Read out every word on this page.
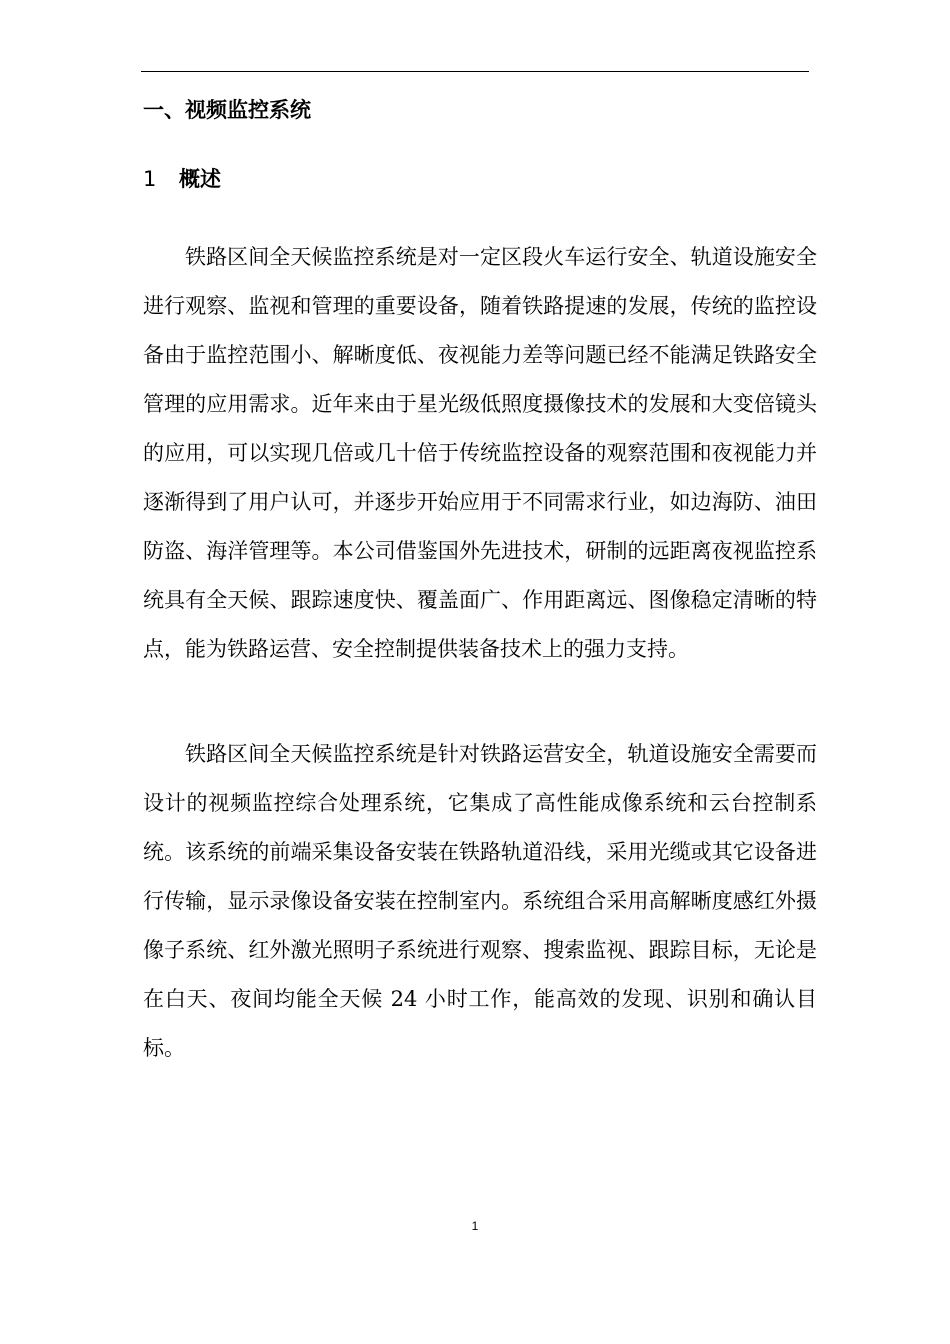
一、视频监控系统
1 概述

铁路区间全天候监控系统是对一定区段火车运行安全、轨道设施安全进行观察、监视和管理的重要设备，随着铁路提速的发展，传统的监控设备由于监控范围小、解晰度低、夜视能力差等问题已经不能满足铁路安全管理的应用需求。近年来由于星光级低照度摄像技术的发展和大变倍镜头的应用，可以实现几倍或几十倍于传统监控设备的观察范围和夜视能力并逐渐得到了用户认可，并逐步开始应用于不同需求行业，如边海防、油田防盗、海洋管理等。本公司借鉴国外先进技术，研制的远距离夜视监控系统具有全天候、跟踪速度快、覆盖面广、作用距离远、图像稳定清晰的特点，能为铁路运营、安全控制提供装备技术上的强力支持。

铁路区间全天候监控系统是针对铁路运营安全，轨道设施安全需要而设计的视频监控综合处理系统，它集成了高性能成像系统和云台控制系统。该系统的前端采集设备安装在铁路轨道沿线，采用光缆或其它设备进行传输，显示录像设备安装在控制室内。系统组合采用高解晰度感红外摄像子系统、红外激光照明子系统进行观察、搜索监视、跟踪目标，无论是在白天、夜间均能全天候 24 小时工作，能高效的发现、识别和确认目标。

1
